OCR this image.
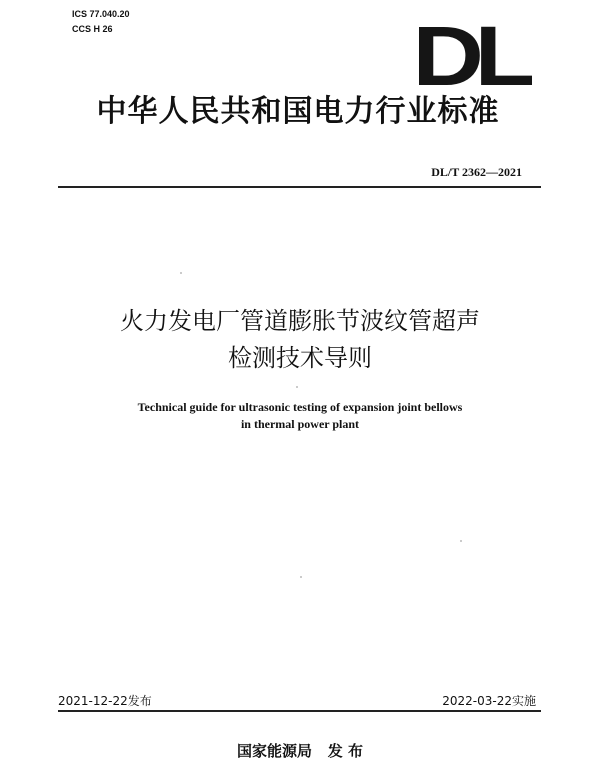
ICS 77.040.20
CCS H 26	DL
中华人民共和国电力行业标准
DL/T 2362—2021
火力发电厂管道膨胀节波纹管超声
检测技术导则
Technical guide for ultrasonic testing of expansion joint bellows
in thermal power plant
2021-12-22发布	2022-03-22实施
国家能源局 发 布
